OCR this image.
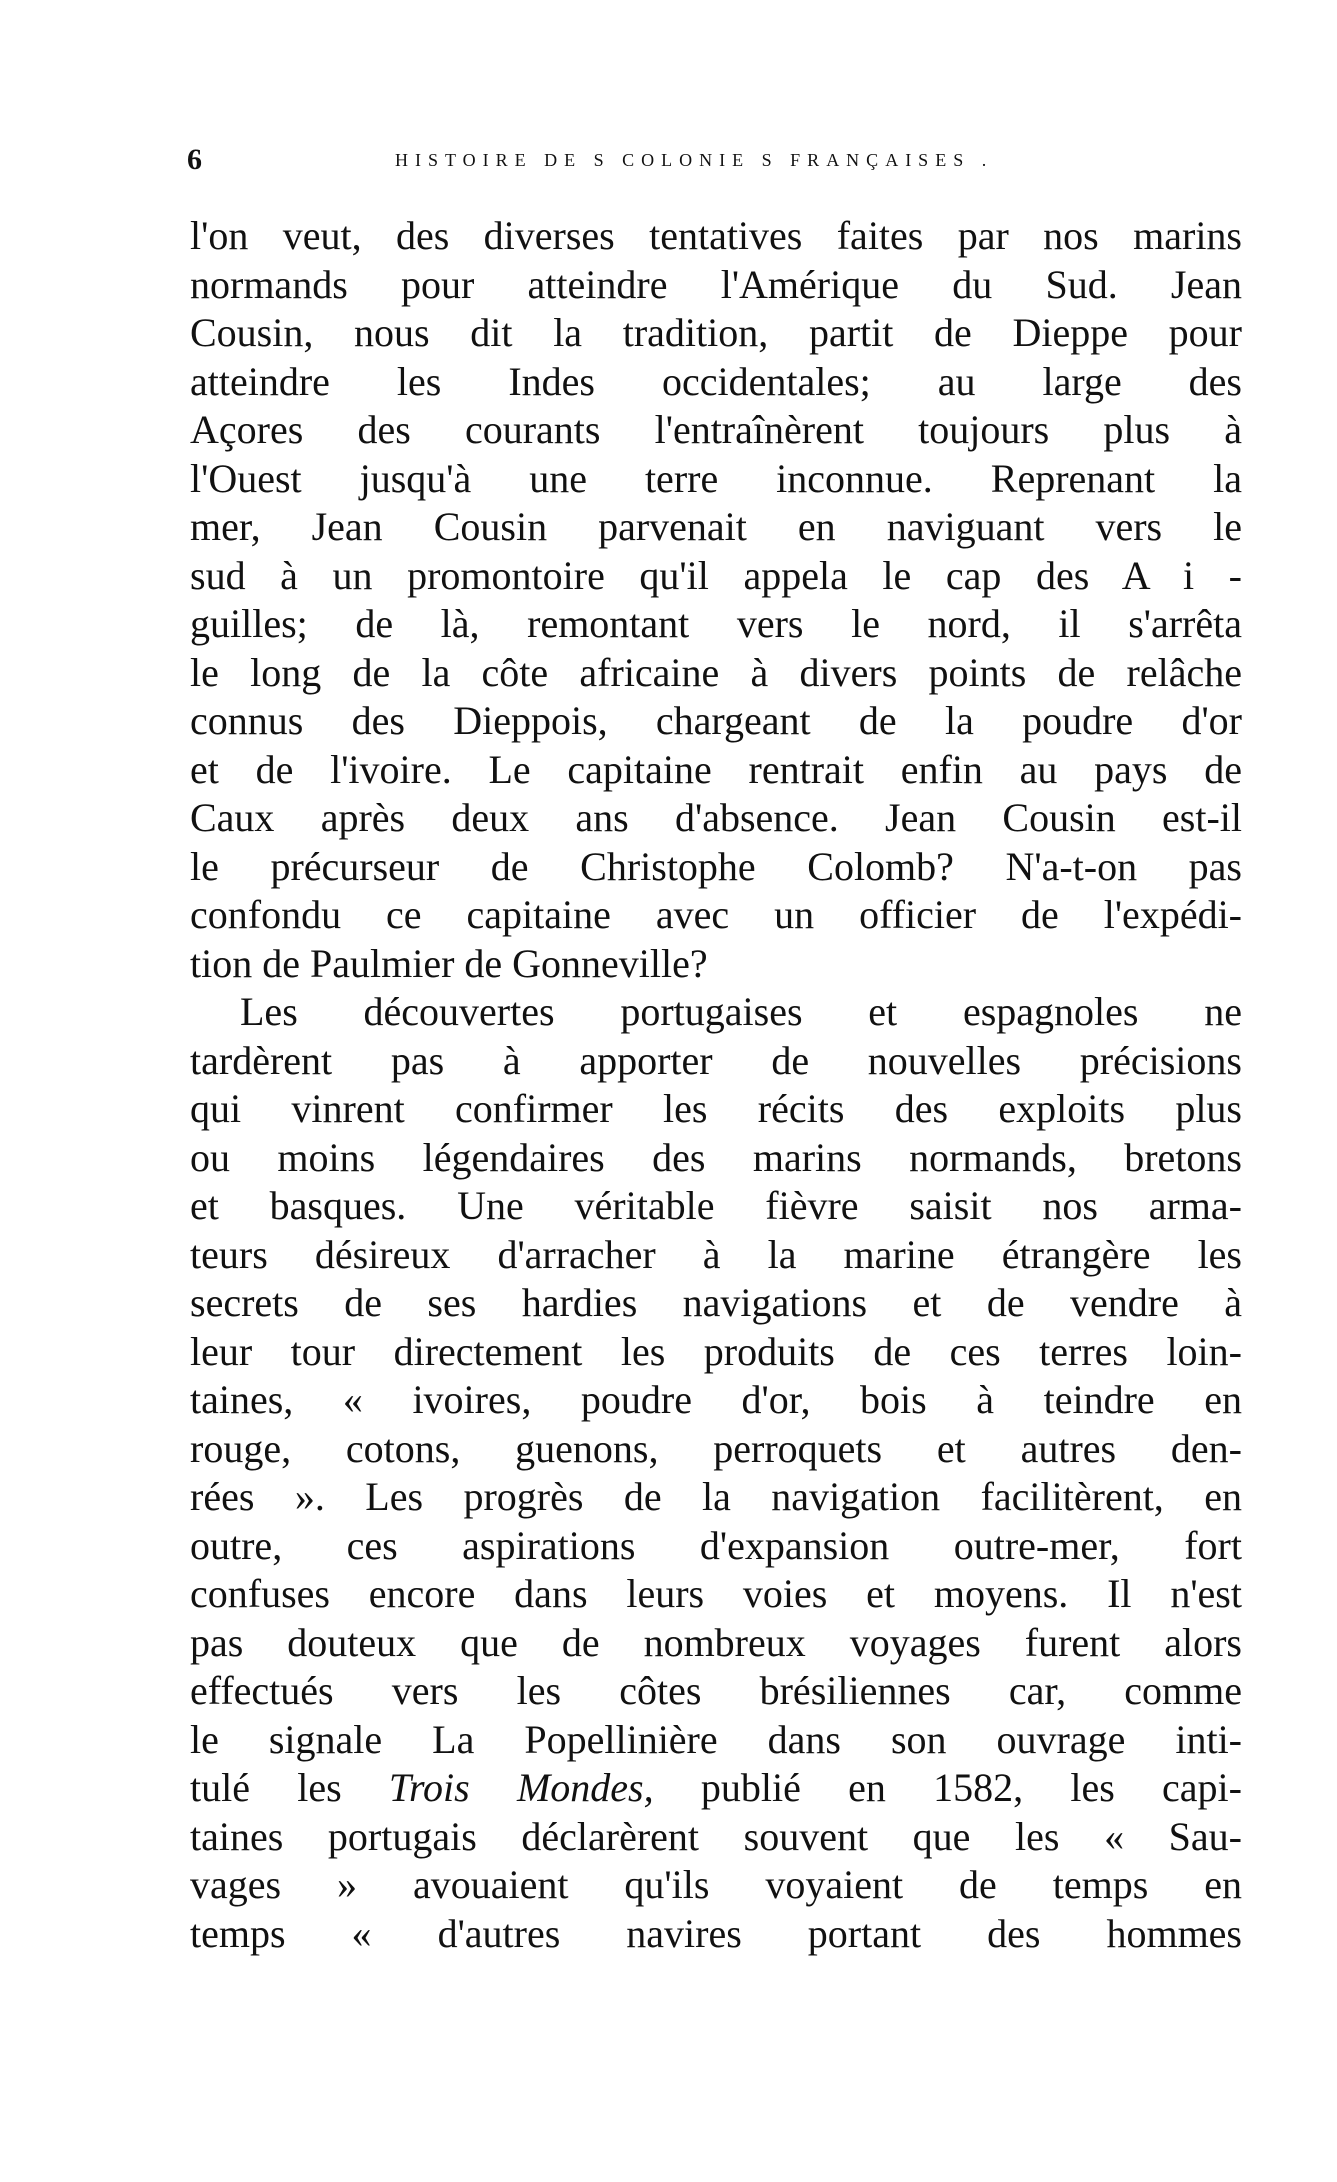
6	HISTOIRE DE S COLONIE S FRANÇAISES .
l'on veut, des diverses tentatives faites par nos marins
normands pour atteindre l'Amérique du Sud. Jean
Cousin, nous dit la tradition, partit de Dieppe pour
atteindre les Indes occidentales; au large des
Açores des courants l'entraînèrent toujours plus à
l'Ouest jusqu'à une terre inconnue. Reprenant la
mer, Jean Cousin parvenait en naviguant vers le
sud à un promontoire qu'il appela le cap des A i -
guilles; de là, remontant vers le nord, il s'arrêta
le long de la côte africaine à divers points de relâche
connus des Dieppois, chargeant de la poudre d'or
et de l'ivoire. Le capitaine rentrait enfin au pays de
Caux après deux ans d'absence. Jean Cousin est-il
le précurseur de Christophe Colomb? N'a-t-on pas
confondu ce capitaine avec un officier de l'expédi-
tion de Paulmier de Gonneville?
Les découvertes portugaises et espagnoles ne
tardèrent pas à apporter de nouvelles précisions
qui vinrent confirmer les récits des exploits plus
ou moins légendaires des marins normands, bretons
et basques. Une véritable fièvre saisit nos arma-
teurs désireux d'arracher à la marine étrangère les
secrets de ses hardies navigations et de vendre à
leur tour directement les produits de ces terres loin-
taines, « ivoires, poudre d'or, bois à teindre en
rouge, cotons, guenons, perroquets et autres den-
rées ». Les progrès de la navigation facilitèrent, en
outre, ces aspirations d'expansion outre-mer, fort
confuses encore dans leurs voies et moyens. Il n'est
pas douteux que de nombreux voyages furent alors
effectués vers les côtes brésiliennes car, comme
le signale La Popellinière dans son ouvrage inti-
tulé les Trois Mondes, publié en 1582, les capi-
taines portugais déclarèrent souvent que les « Sau-
vages » avouaient qu'ils voyaient de temps en
temps « d'autres navires portant des hommes
